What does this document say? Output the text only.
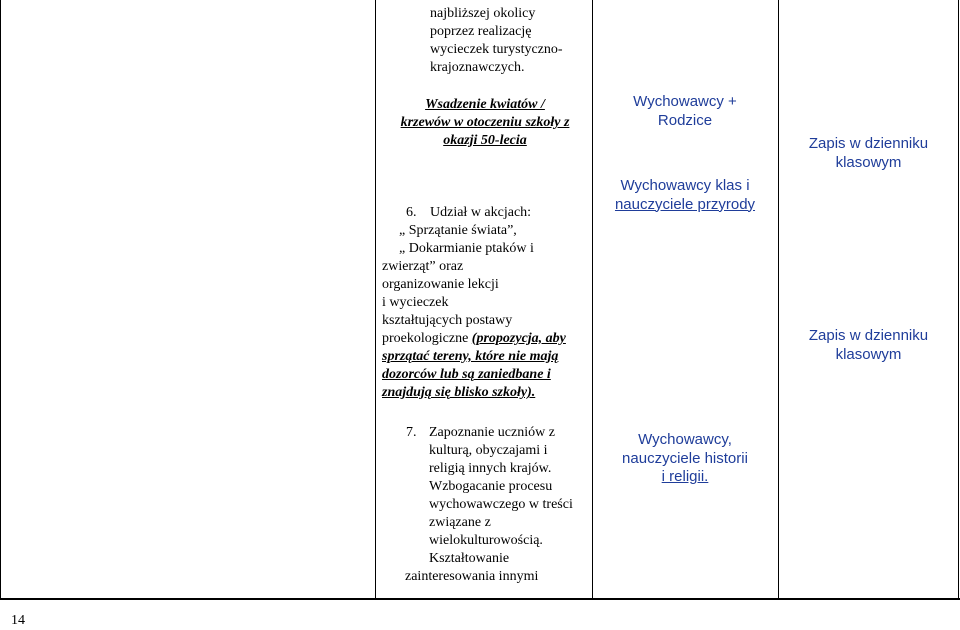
najbliższej okolicy
poprzez realizację
wycieczek turystyczno-
krajoznawczych.
Wsadzenie kwiatów /
krzewów w otoczeniu szkoły z
okazji 50-lecia
Wychowawcy +
Rodzice
Zapis w dzienniku
klasowym
6. Udział w akcjach:
„ Sprzątanie świata”,
„ Dokarmianie ptaków i
zwierząt” oraz
organizowanie lekcji
i wycieczek
kształtujących postawy
proekologiczne (propozycja, aby
sprzątać tereny, które nie mają
dozorców lub są zaniedbane i
znajdują się blisko szkoły).
Wychowawcy klas i
nauczyciele przyrody
Zapis w dzienniku
klasowym
7. Zapoznanie uczniów z
kulturą, obyczajami i
religią innych krajów.
Wzbogacanie procesu
wychowawczego w treści
związane z
wielokulturowością.
Kształtowanie
zainteresowania innymi
Wychowawcy,
nauczyciele historii
i religii.
14
